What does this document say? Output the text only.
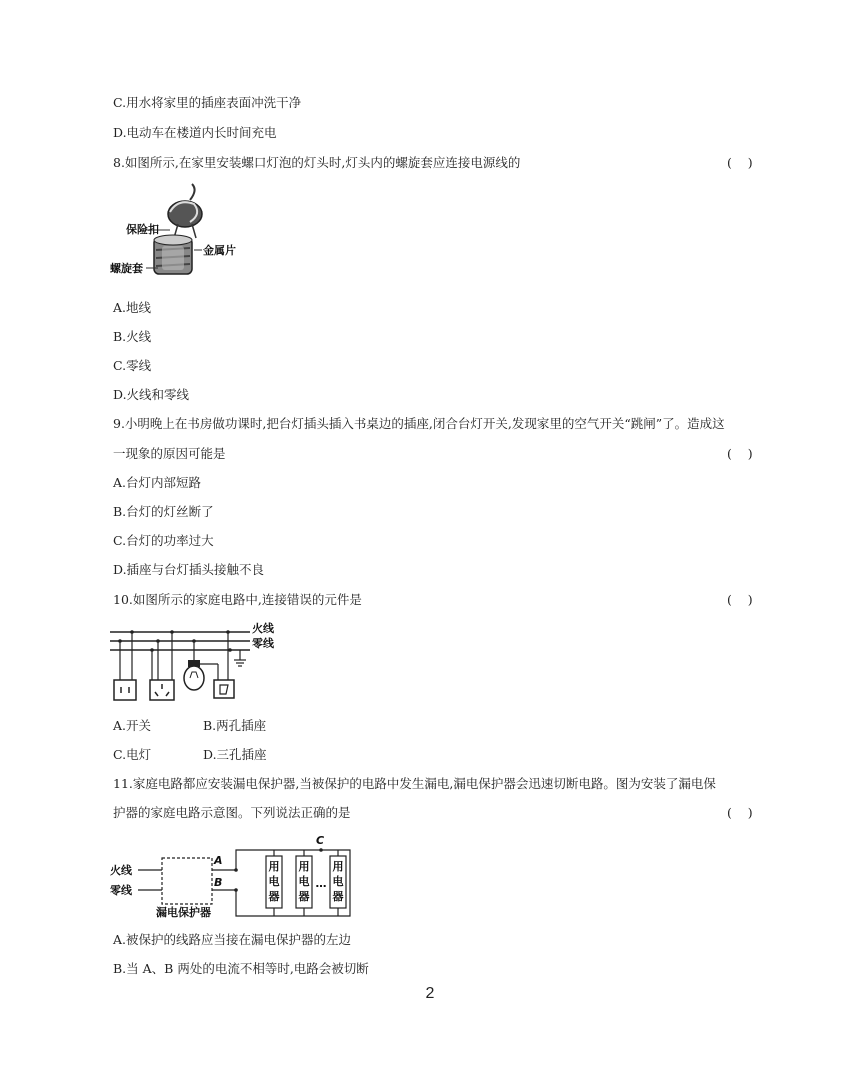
C.用水将家里的插座表面冲洗干净
D.电动车在楼道内长时间充电
8.如图所示,在家里安装螺口灯泡的灯头时,灯头内的螺旋套应连接电源线的	(    )
保险扣
金属片
螺旋套
A.地线
B.火线
C.零线
D.火线和零线
9.小明晚上在书房做功课时,把台灯插头插入书桌边的插座,闭合台灯开关,发现家里的空气开关“跳闸”了。造成这
一现象的原因可能是	(    )
A.台灯内部短路
B.台灯的灯丝断了
C.台灯的功率过大
D.插座与台灯插头接触不良
10.如图所示的家庭电路中,连接错误的元件是	(    )
火线
零线
A.开关	B.两孔插座
C.电灯	D.三孔插座
11.家庭电路都应安装漏电保护器,当被保护的电路中发生漏电,漏电保护器会迅速切断电路。图为安装了漏电保
护器的家庭电路示意图。下列说法正确的是	(    )
火线
零线
漏电保护器
A
B
C
用
电
器
用
电
器
…
用
电
器
A.被保护的线路应当接在漏电保护器的左边
B.当 A、B 两处的电流不相等时,电路会被切断
2
